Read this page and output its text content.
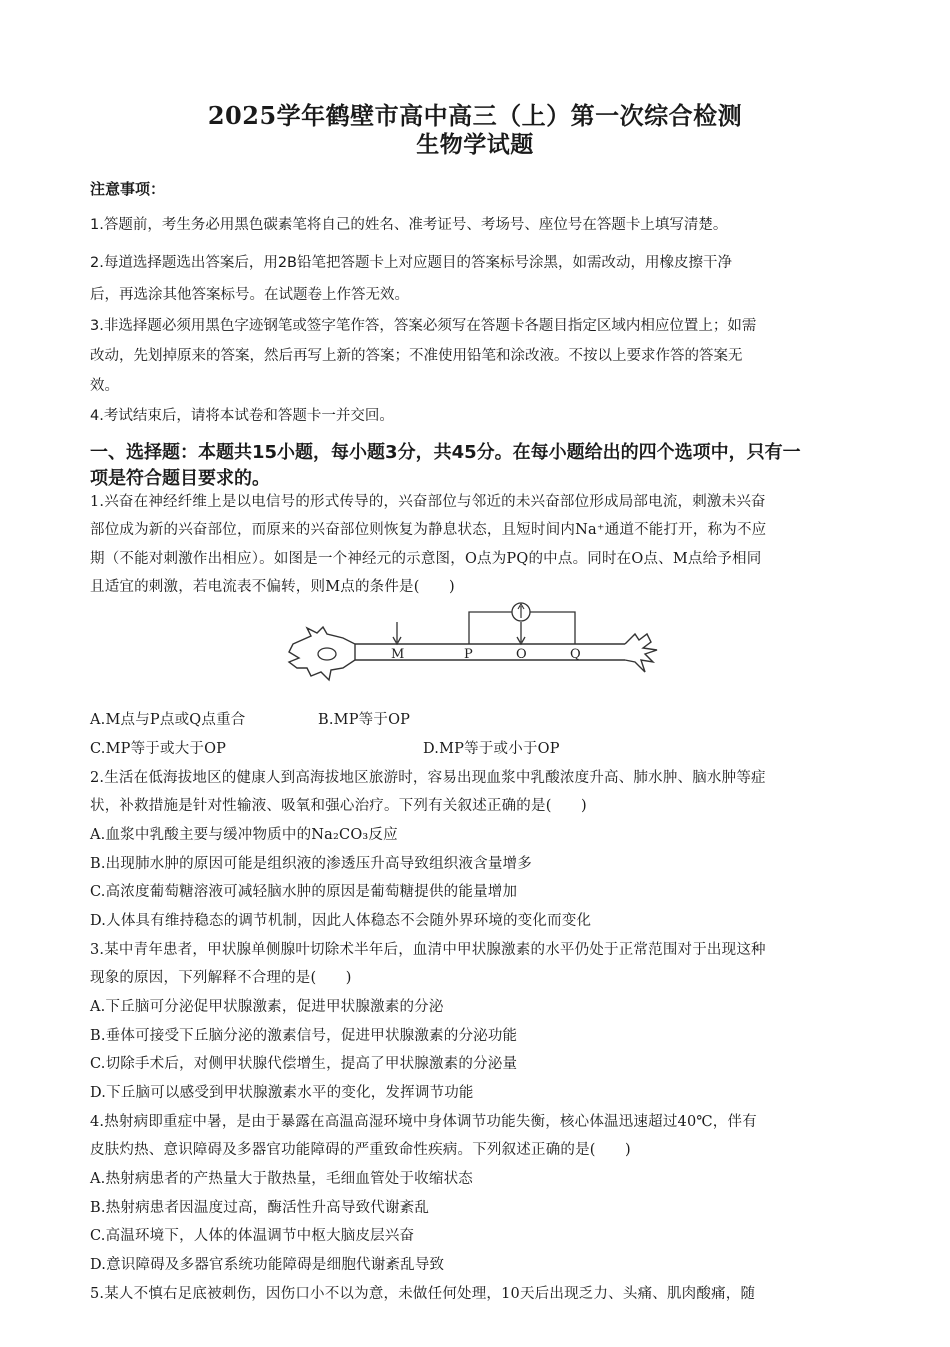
2025学年鹤壁市高中高三（上）第一次综合检测
生物学试题
注意事项：
1.答题前，考生务必用黑色碳素笔将自己的姓名、准考证号、考场号、座位号在答题卡上填写清楚。
2.每道选择题选出答案后，用2B铅笔把答题卡上对应题目的答案标号涂黑，如需改动，用橡皮擦干净
后，再选涂其他答案标号。在试题卷上作答无效。
3.非选择题必须用黑色字迹钢笔或签字笔作答，答案必须写在答题卡各题目指定区域内相应位置上；如需
改动，先划掉原来的答案，然后再写上新的答案；不准使用铅笔和涂改液。不按以上要求作答的答案无
效。
4.考试结束后，请将本试卷和答题卡一并交回。
一、选择题：本题共15小题，每小题3分，共45分。在每小题给出的四个选项中，只有一
项是符合题目要求的。
1.兴奋在神经纤维上是以电信号的形式传导的，兴奋部位与邻近的未兴奋部位形成局部电流，刺激未兴奋
部位成为新的兴奋部位，而原来的兴奋部位则恢复为静息状态，且短时间内Na⁺通道不能打开，称为不应
期（不能对刺激作出相应）。如图是一个神经元的示意图，O点为PQ的中点。同时在O点、M点给予相同
且适宜的刺激，若电流表不偏转，则M点的条件是(　　)
M	P	O	Q
A.M点与P点或Q点重合	B.MP等于OP
C.MP等于或大于OP	D.MP等于或小于OP
2.生活在低海拔地区的健康人到高海拔地区旅游时，容易出现血浆中乳酸浓度升高、肺水肿、脑水肿等症
状，补救措施是针对性输液、吸氧和强心治疗。下列有关叙述正确的是(　　)
A.血浆中乳酸主要与缓冲物质中的Na₂CO₃反应
B.出现肺水肿的原因可能是组织液的渗透压升高导致组织液含量增多
C.高浓度葡萄糖溶液可减轻脑水肿的原因是葡萄糖提供的能量增加
D.人体具有维持稳态的调节机制，因此人体稳态不会随外界环境的变化而变化
3.某中青年患者，甲状腺单侧腺叶切除术半年后，血清中甲状腺激素的水平仍处于正常范围对于出现这种
现象的原因，下列解释不合理的是(　　)
A.下丘脑可分泌促甲状腺激素，促进甲状腺激素的分泌
B.垂体可接受下丘脑分泌的激素信号，促进甲状腺激素的分泌功能
C.切除手术后，对侧甲状腺代偿增生，提高了甲状腺激素的分泌量
D.下丘脑可以感受到甲状腺激素水平的变化，发挥调节功能
4.热射病即重症中暑，是由于暴露在高温高湿环境中身体调节功能失衡，核心体温迅速超过40℃，伴有
皮肤灼热、意识障碍及多器官功能障碍的严重致命性疾病。下列叙述正确的是(　　)
A.热射病患者的产热量大于散热量，毛细血管处于收缩状态
B.热射病患者因温度过高，酶活性升高导致代谢紊乱
C.高温环境下，人体的体温调节中枢大脑皮层兴奋
D.意识障碍及多器官系统功能障碍是细胞代谢紊乱导致
5.某人不慎右足底被刺伤，因伤口小不以为意，未做任何处理，10天后出现乏力、头痛、肌肉酸痛，随
